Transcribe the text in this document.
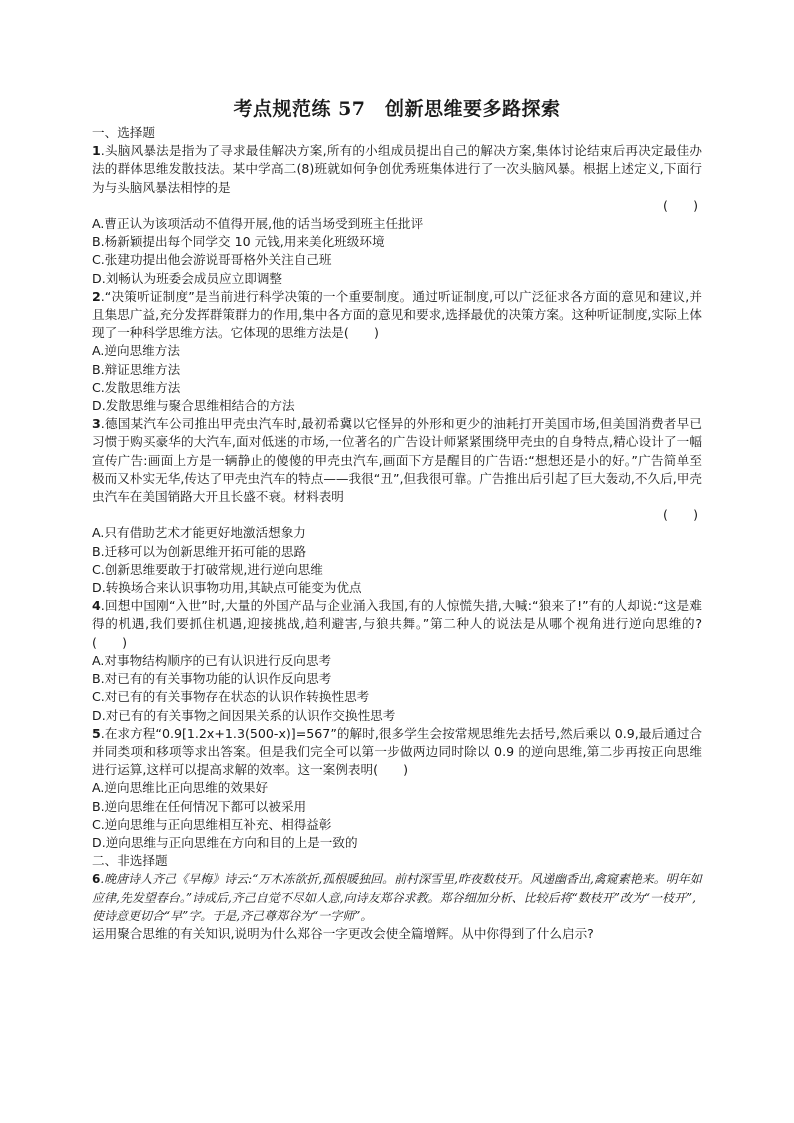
考点规范练 57　创新思维要多路探索

一、选择题

1.头脑风暴法是指为了寻求最佳解决方案,所有的小组成员提出自己的解决方案,集体讨论结束后再决定最佳办法的群体思维发散技法。某中学高二(8)班就如何争创优秀班集体进行了一次头脑风暴。根据上述定义,下面行为与头脑风暴法相悖的是
(　　)

A.曹正认为该项活动不值得开展,他的话当场受到班主任批评

B.杨新颖提出每个同学交 10 元钱,用来美化班级环境

C.张建功提出他会游说哥哥格外关注自己班

D.刘畅认为班委会成员应立即调整

2.“决策听证制度”是当前进行科学决策的一个重要制度。通过听证制度,可以广泛征求各方面的意见和建议,并且集思广益,充分发挥群策群力的作用,集中各方面的意见和要求,选择最优的决策方案。这种听证制度,实际上体现了一种科学思维方法。它体现的思维方法是(　　)

A.逆向思维方法

B.辩证思维方法

C.发散思维方法

D.发散思维与聚合思维相结合的方法

3.德国某汽车公司推出甲壳虫汽车时,最初希冀以它怪异的外形和更少的油耗打开美国市场,但美国消费者早已习惯于购买豪华的大汽车,面对低迷的市场,一位著名的广告设计师紧紧围绕甲壳虫的自身特点,精心设计了一幅宣传广告:画面上方是一辆静止的傻傻的甲壳虫汽车,画面下方是醒目的广告语:“想想还是小的好。”广告简单至极而又朴实无华,传达了甲壳虫汽车的特点——我很“丑”,但我很可靠。广告推出后引起了巨大轰动,不久后,甲壳虫汽车在美国销路大开且长盛不衰。材料表明
(　　)

A.只有借助艺术才能更好地激活想象力

B.迁移可以为创新思维开拓可能的思路

C.创新思维要敢于打破常规,进行逆向思维

D.转换场合来认识事物功用,其缺点可能变为优点

4.回想中国刚“入世”时,大量的外国产品与企业涌入我国,有的人惊慌失措,大喊:“狼来了!”有的人却说:“这是难得的机遇,我们要抓住机遇,迎接挑战,趋利避害,与狼共舞。”第二种人的说法是从哪个视角进行逆向思维的?(　　)

A.对事物结构顺序的已有认识进行反向思考

B.对已有的有关事物功能的认识作反向思考

C.对已有的有关事物存在状态的认识作转换性思考

D.对已有的有关事物之间因果关系的认识作交换性思考

5.在求方程“0.9[1.2x+1.3(500-x)]=567”的解时,很多学生会按常规思维先去括号,然后乘以 0.9,最后通过合并同类项和移项等求出答案。但是我们完全可以第一步做两边同时除以 0.9 的逆向思维,第二步再按正向思维进行运算,这样可以提高求解的效率。这一案例表明(　　)

A.逆向思维比正向思维的效果好

B.逆向思维在任何情况下都可以被采用

C.逆向思维与正向思维相互补充、相得益彰

D.逆向思维与正向思维在方向和目的上是一致的

二、非选择题

6.晚唐诗人齐己《早梅》诗云:“万木冻欲折,孤根暖独回。前村深雪里,昨夜数枝开。风递幽香出,禽窥素艳来。明年如应律,先发望春台。”诗成后,齐己自觉不尽如人意,向诗友郑谷求教。郑谷细加分析、比较后将“数枝开”改为“一枝开”,使诗意更切合“早”字。于是,齐己尊郑谷为“一字师”。

运用聚合思维的有关知识,说明为什么郑谷一字更改会使全篇增辉。从中你得到了什么启示?
